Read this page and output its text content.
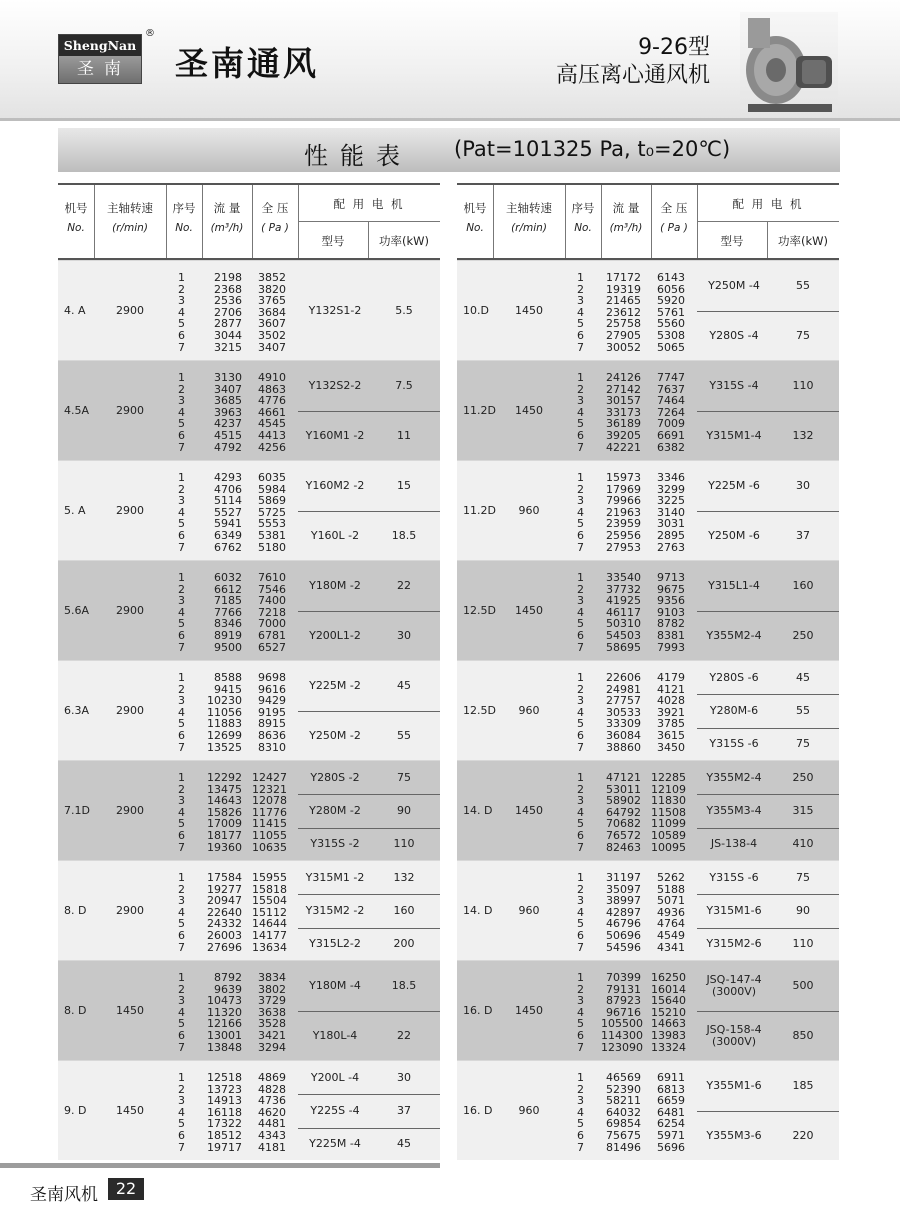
ShengNan
圣南
®
圣南通风	9-26型
高压离心通风机
性能表 (Pat=101325 Pa, t₀=20℃)
机号
No.
主轴转速
(r/min)
序号
No.
流 量
(m³/h)
全 压
( Pa )
配 用 电 机
型号	功率(kW)
4. A	2900
1	2198	3852
2	2368	3820
3	2536	3765
4	2706	3684
5	2877	3607
6	3044	3502
7	3215	3407
Y132S1-2	5.5
4.5A	2900
1	3130	4910
2	3407	4863
3	3685	4776
4	3963	4661
5	4237	4545
6	4515	4413
7	4792	4256
Y132S2-2	7.5
Y160M1 -2	11
5. A	2900
1	4293	6035
2	4706	5984
3	5114	5869
4	5527	5725
5	5941	5553
6	6349	5381
7	6762	5180
Y160M2 -2	15
Y160L -2	18.5
5.6A	2900
1	6032	7610
2	6612	7546
3	7185	7400
4	7766	7218
5	8346	7000
6	8919	6781
7	9500	6527
Y180M -2	22
Y200L1-2	30
6.3A	2900
1	8588	9698
2	9415	9616
3	10230	9429
4	11056	9195
5	11883	8915
6	12699	8636
7	13525	8310
Y225M -2	45
Y250M -2	55
7.1D	2900
1	12292 12427
2	13475 12321
3	14643 12078
4	15826 11776
5	17009 11415
6	18177 11055
7	19360 10635
Y280S -2	75
Y280M -2	90
Y315S -2	110
8. D	2900
1	17584 15955
2	19277 15818
3	20947 15504
4	22640 15112
5	24332 14644
6	26003 14177
7	27696 13634
Y315M1 -2	132
Y315M2 -2	160
Y315L2-2	200
8. D	1450
1	8792	3834
2	9639	3802
3	10473	3729
4	11320	3638
5	12166	3528
6	13001	3421
7	13848	3294
Y180M -4	18.5
Y180L-4	22
9. D	1450
1	12518	4869
2	13723	4828
3	14913	4736
4	16118	4620
5	17322	4481
6	18512	4343
7	19717	4181
Y200L -4	30
Y225S -4	37
Y225M -4	45
机号
No.
主轴转速
(r/min)
序号
No.
流 量
(m³/h)
全 压
( Pa )
配 用 电 机
型号	功率(kW)
10.D	1450
1	17172	6143
2	19319	6056
3	21465	5920
4	23612	5761
5	25758	5560
6	27905	5308
7	30052	5065
Y250M -4	55
Y280S -4	75
11.2D	1450
1	24126	7747
2	27142	7637
3	30157	7464
4	33173	7264
5	36189	7009
6	39205	6691
7	42221	6382
Y315S -4	110
Y315M1-4	132
11.2D	960
1	15973	3346
2	17969	3299
3	79966	3225
4	21963	3140
5	23959	3031
6	25956	2895
7	27953	2763
Y225M -6	30
Y250M -6	37
12.5D	1450
1	33540	9713
2	37732	9675
3	41925	9356
4	46117	9103
5	50310	8782
6	54503	8381
7	58695	7993
Y315L1-4	160
Y355M2-4	250
12.5D	960
1	22606	4179
2	24981	4121
3	27757	4028
4	30533	3921
5	33309	3785
6	36084	3615
7	38860	3450
Y280S -6	45
Y280M-6	55
Y315S -6	75
14. D	1450
1	47121 12285
2	53011 12109
3	58902 11830
4	64792 11508
5	70682 11099
6	76572 10589
7	82463 10095
Y355M2-4	250
Y355M3-4	315
JS-138-4	410
14. D	960
1	31197	5262
2	35097	5188
3	38997	5071
4	42897	4936
5	46796	4764
6	50696	4549
7	54596	4341
Y315S -6	75
Y315M1-6	90
Y315M2-6	110
16. D	1450
1	70399 16250
2	79131 16014
3	87923 15640
4	96716 15210
5 105500 14663
6 114300 13983
7 123090 13324
JSQ-147-4
(3000V)	500
JSQ-158-4
(3000V)	850
16. D	960
1	46569	6911
2	52390	6813
3	58211	6659
4	64032	6481
5	69854	6254
6	75675	5971
7	81496	5696
Y355M1-6	185
Y355M3-6	220
圣南风机	22
